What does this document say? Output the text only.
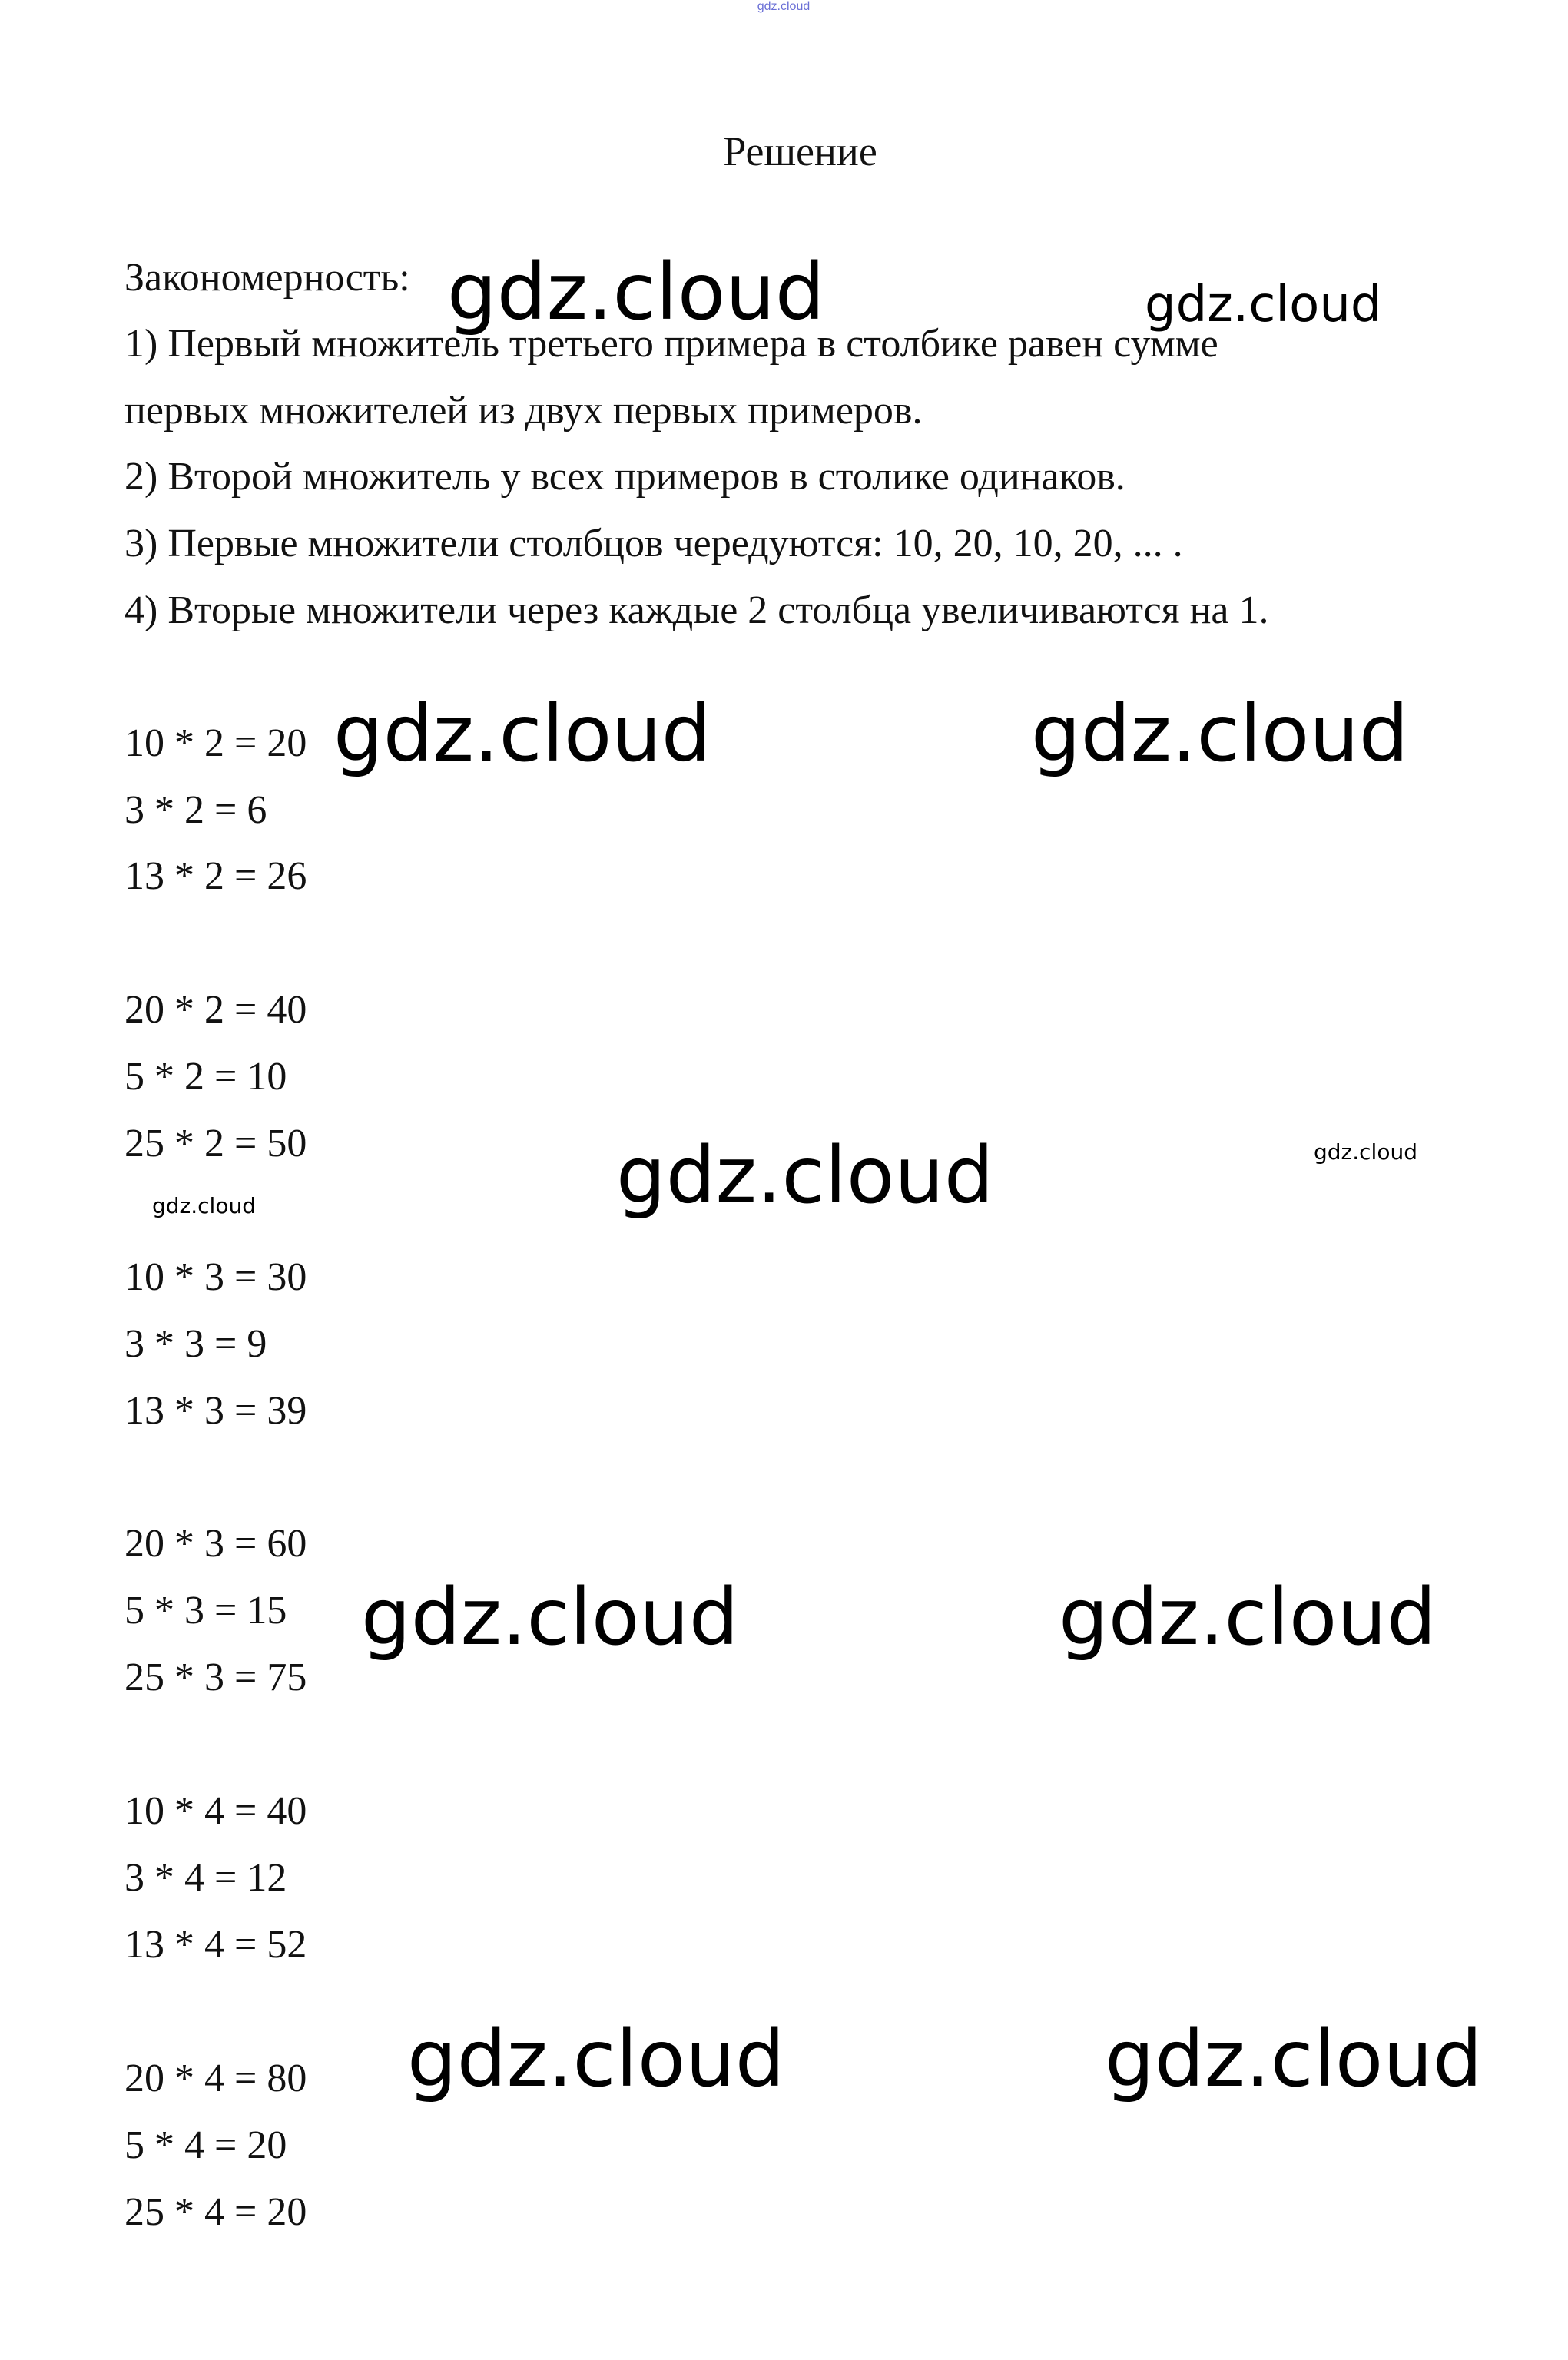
gdz.cloud
Решение
Закономерность:
1) Первый множитель третьего примера в столбике равен сумме
первых множителей из двух первых примеров.
2) Второй множитель у всех примеров в столике одинаков.
3) Первые множители столбцов чередуются: 10, 20, 10, 20, ... .
4) Вторые множители через каждые 2 столбца увеличиваются на 1.
10 * 2 = 20
3 * 2 = 6
13 * 2 = 26
20 * 2 = 40
5 * 2 = 10
25 * 2 = 50
10 * 3 = 30
3 * 3 = 9
13 * 3 = 39
20 * 3 = 60
5 * 3 = 15
25 * 3 = 75
10 * 4 = 40
3 * 4 = 12
13 * 4 = 52
20 * 4 = 80
5 * 4 = 20
25 * 4 = 20
gdz.cloud	gdz.cloud
gdz.cloud	gdz.cloud
gdz.cloud	gdz.cloud
gdz.cloud
gdz.cloud	gdz.cloud
gdz.cloud	gdz.cloud
